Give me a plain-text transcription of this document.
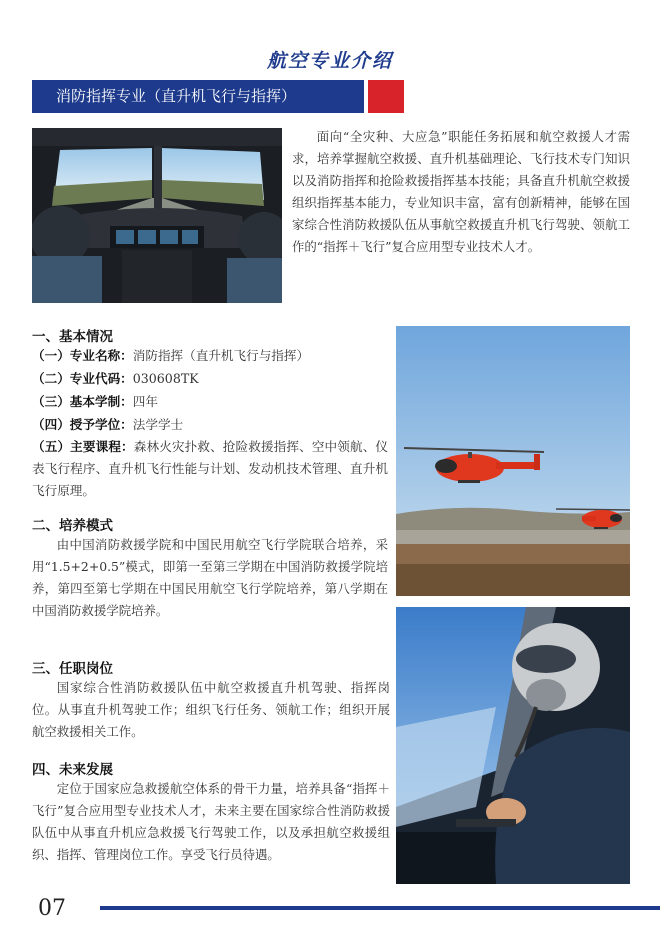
航空专业介绍
消防指挥专业（直升机飞行与指挥）
面向“全灾种、大应急”职能任务拓展和航空救援人才需求，培养掌握航空救援、直升机基础理论、飞行技术专门知识以及消防指挥和抢险救援指挥基本技能；具备直升机航空救援组织指挥基本能力，专业知识丰富，富有创新精神，能够在国家综合性消防救援队伍从事航空救援直升机飞行驾驶、领航工作的“指挥＋飞行”复合应用型专业技术人才。
一、基本情况
（一）专业名称：消防指挥（直升机飞行与指挥）
（二）专业代码：030608TK
（三）基本学制：四年
（四）授予学位：法学学士
（五）主要课程：森林火灾扑救、抢险救援指挥、空中领航、仪表飞行程序、直升机飞行性能与计划、发动机技术管理、直升机飞行原理。
二、培养模式
由中国消防救援学院和中国民用航空飞行学院联合培养，采用“1.5+2+0.5”模式，即第一至第三学期在中国消防救援学院培养，第四至第七学期在中国民用航空飞行学院培养，第八学期在中国消防救援学院培养。
三、任职岗位
国家综合性消防救援队伍中航空救援直升机驾驶、指挥岗位。从事直升机驾驶工作；组织飞行任务、领航工作；组织开展航空救援相关工作。
四、未来发展
定位于国家应急救援航空体系的骨干力量，培养具备“指挥＋飞行”复合应用型专业技术人才，未来主要在国家综合性消防救援队伍中从事直升机应急救援飞行驾驶工作，以及承担航空救援组织、指挥、管理岗位工作。享受飞行员待遇。
07
